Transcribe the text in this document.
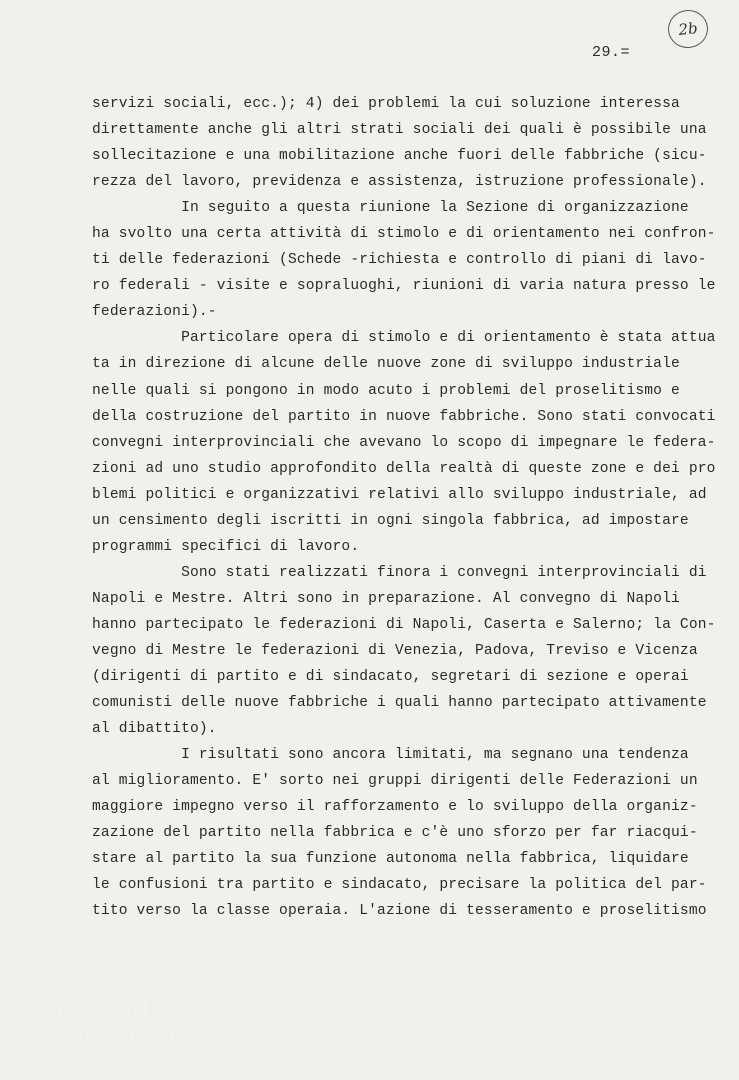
2b
29.=
servizi sociali, ecc.); 4) dei problemi la cui soluzione interessa
direttamente anche gli altri strati sociali dei quali è possibile una
sollecitazione e una mobilitazione anche fuori delle fabbriche (sicu-
rezza del lavoro, previdenza e assistenza, istruzione professionale).
In seguito a questa riunione la Sezione di organizzazione
ha svolto una certa attività di stimolo e di orientamento nei confron-
ti delle federazioni (Schede -richiesta e controllo di piani di lavo-
ro federali - visite e sopraluoghi, riunioni di varia natura presso le
federazioni).-
Particolare opera di stimolo e di orientamento è stata attua
ta in direzione di alcune delle nuove zone di sviluppo industriale
nelle quali si pongono in modo acuto i problemi del proselitismo e
della costruzione del partito in nuove fabbriche. Sono stati convocati
convegni interprovinciali che avevano lo scopo di impegnare le federa-
zioni ad uno studio approfondito della realtà di queste zone e dei pro
blemi politici e organizzativi relativi allo sviluppo industriale, ad
un censimento degli iscritti in ogni singola fabbrica, ad impostare
programmi specifici di lavoro.
Sono stati realizzati finora i convegni interprovinciali di
Napoli e Mestre. Altri sono in preparazione. Al convegno di Napoli
hanno partecipato le federazioni di Napoli, Caserta e Salerno; la Con-
vegno di Mestre le federazioni di Venezia, Padova, Treviso e Vicenza
(dirigenti di partito e di sindacato, segretari di sezione e operai
comunisti delle nuove fabbriche i quali hanno partecipato attivamente
al dibattito).
I risultati sono ancora limitati, ma segnano una tendenza
al miglioramento. E' sorto nei gruppi dirigenti delle Federazioni un
maggiore impegno verso il rafforzamento e lo sviluppo della organiz-
zazione del partito nella fabbrica e c'è uno sforzo per far riacqui-
stare al partito la sua funzione autonoma nella fabbrica, liquidare
le confusioni tra partito e sindacato, precisare la politica del par-
tito verso la classe operaia. L'azione di tesseramento e proselitismo
FONDAZIONE
GRAMSCI
